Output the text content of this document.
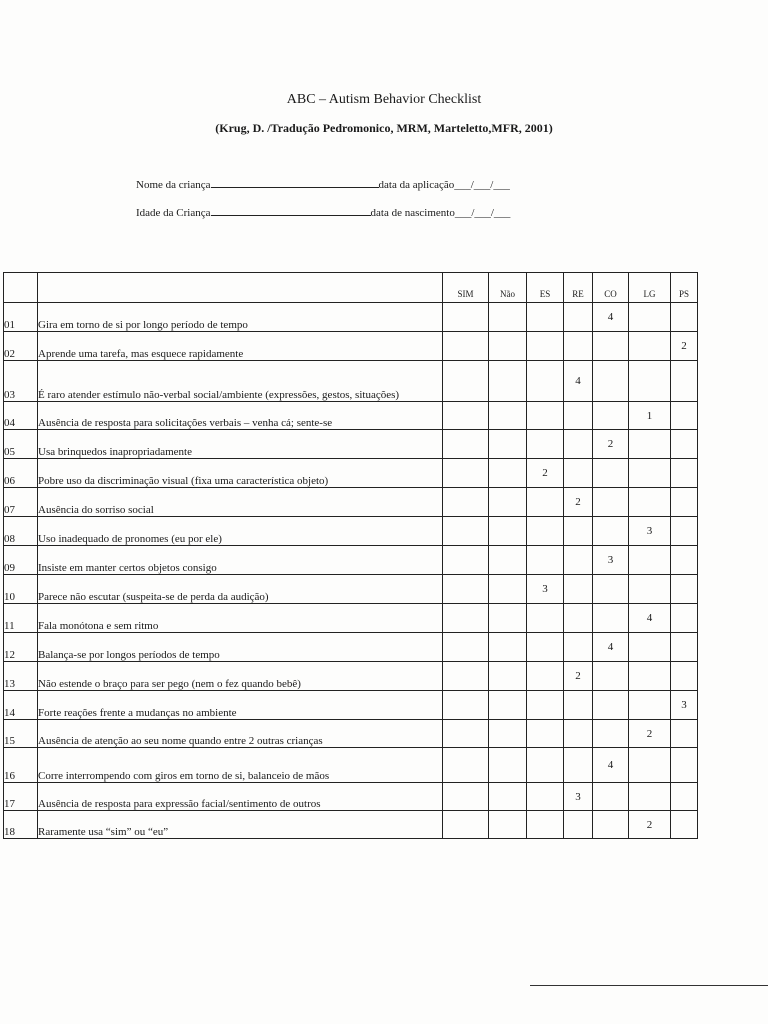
ABC – Autism Behavior Checklist
(Krug, D. /Tradução Pedromonico, MRM, Marteletto,MFR, 2001)
Nome da criança	data da aplicação___/___/___
Idade da Criança	data de nascimento___/___/___
		SIM	Não	ES	RE	CO	LG	PS
01	Gira em torno de si por longo período de tempo					4		
02	Aprende uma tarefa, mas esquece rapidamente							2
03	É raro atender estímulo não-verbal social/ambiente (expressões, gestos, situações)				4			
04	Ausência de resposta para solicitações verbais – venha cá; sente-se						1	
05	Usa brinquedos inapropriadamente					2		
06	Pobre uso da discriminação visual (fixa uma característica objeto)			2				
07	Ausência do sorriso social				2			
08	Uso inadequado de pronomes (eu por ele)						3	
09	Insiste em manter certos objetos consigo					3		
10	Parece não escutar (suspeita-se de perda da audição)			3				
11	Fala monótona e sem ritmo						4	
12	Balança-se por longos períodos de tempo					4		
13	Não estende o braço para ser pego (nem o fez quando bebê)				2			
14	Forte reações frente a mudanças no ambiente							3
15	Ausência de atenção ao seu nome quando entre 2 outras crianças						2	
16	Corre interrompendo com giros em torno de si, balanceio de mãos					4		
17	Ausência de resposta para expressão facial/sentimento de outros				3			
18	Raramente usa “sim” ou “eu”						2	
